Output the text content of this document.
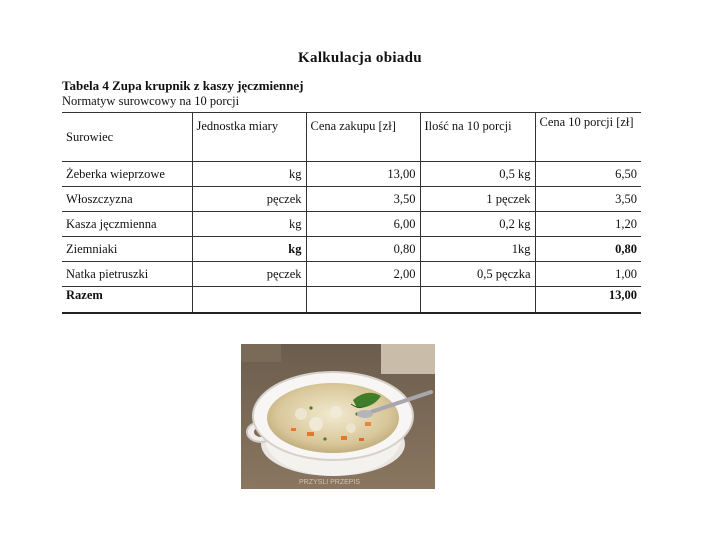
Kalkulacja obiadu
Tabela 4 Zupa krupnik z kaszy jęczmiennej
Normatyw surowcowy na 10 porcji
Surowiec	Jednostka miary	Cena zakupu [zł]	Ilość na 10 porcji	Cena 10 porcji [zł]
Żeberka wieprzowe	kg	13,00	0,5 kg	6,50
Włoszczyzna	pęczek	3,50	1 pęczek	3,50
Kasza jęczmienna	kg	6,00	0,2 kg	1,20
Ziemniaki	kg	0,80	1kg	0,80
Natka pietruszki	pęczek	2,00	0,5 pęczka	1,00
Razem				13,00
PRZYSLI PRZEPIS
